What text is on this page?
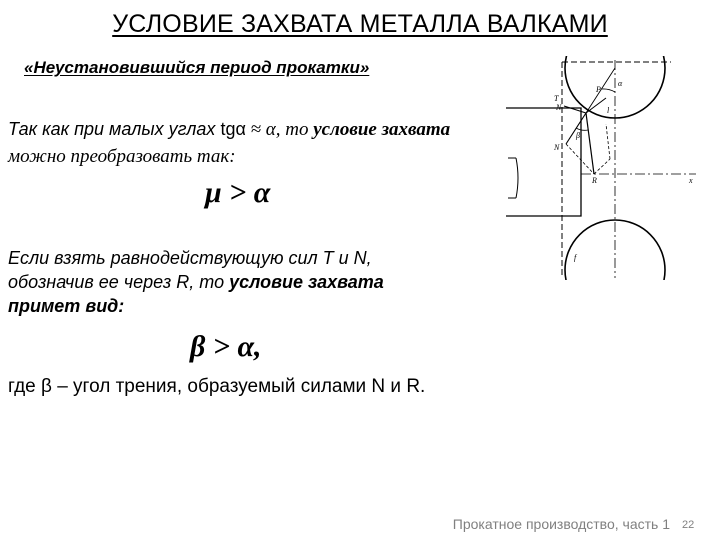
УСЛОВИЕ ЗАХВАТА МЕТАЛЛА ВАЛКАМИ
«Неустановившийся период прокатки»
Так как при малых углах tgα ≈ α, то условие захвата можно преобразовать так:
μ > α
Если взять равнодействующую сил T и N,
обозначив ее через R, то условие захвата
примет вид:
β > α,
где β – угол трения, образуемый силами N и R.
Прокатное производство, часть 1 22
α
P
l
T
N
β
N
R	x
f
